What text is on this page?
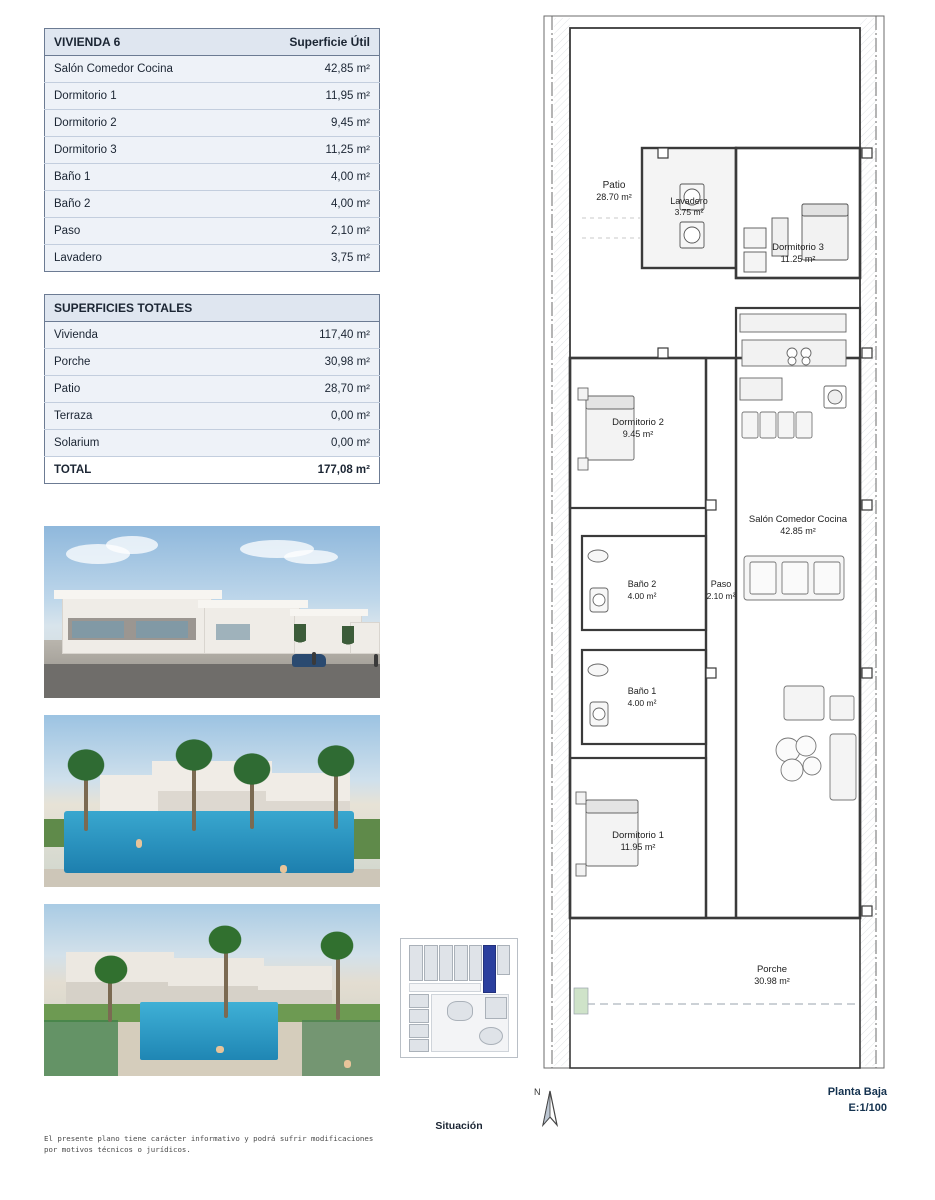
VIVIENDA 6	Superficie Útil
Salón Comedor Cocina	42,85 m²
Dormitorio 1	11,95 m²
Dormitorio 2	9,45 m²
Dormitorio 3	11,25 m²
Baño 1	4,00 m²
Baño 2	4,00 m²
Paso	2,10 m²
Lavadero	3,75 m²
SUPERFICIES TOTALES	
Vivienda	117,40 m²
Porche	30,98 m²
Patio	28,70 m²
Terraza	0,00 m²
Solarium	0,00 m²
TOTAL	177,08 m²
El presente plano tiene carácter informativo y podrá sufrir modificaciones por motivos técnicos o jurídicos.
Situación
Patio
28.70 m²	Lavadero
3.75 m²
Dormitorio 3
11.25 m²
Dormitorio 2
9.45 m²
Salón Comedor Cocina
42.85 m²
Baño 2
4.00 m²
Paso
2.10 m²
Baño 1
4.00 m²
Dormitorio 1
11.95 m²
Porche
30.98 m²
N	Planta Baja
E:1/100
